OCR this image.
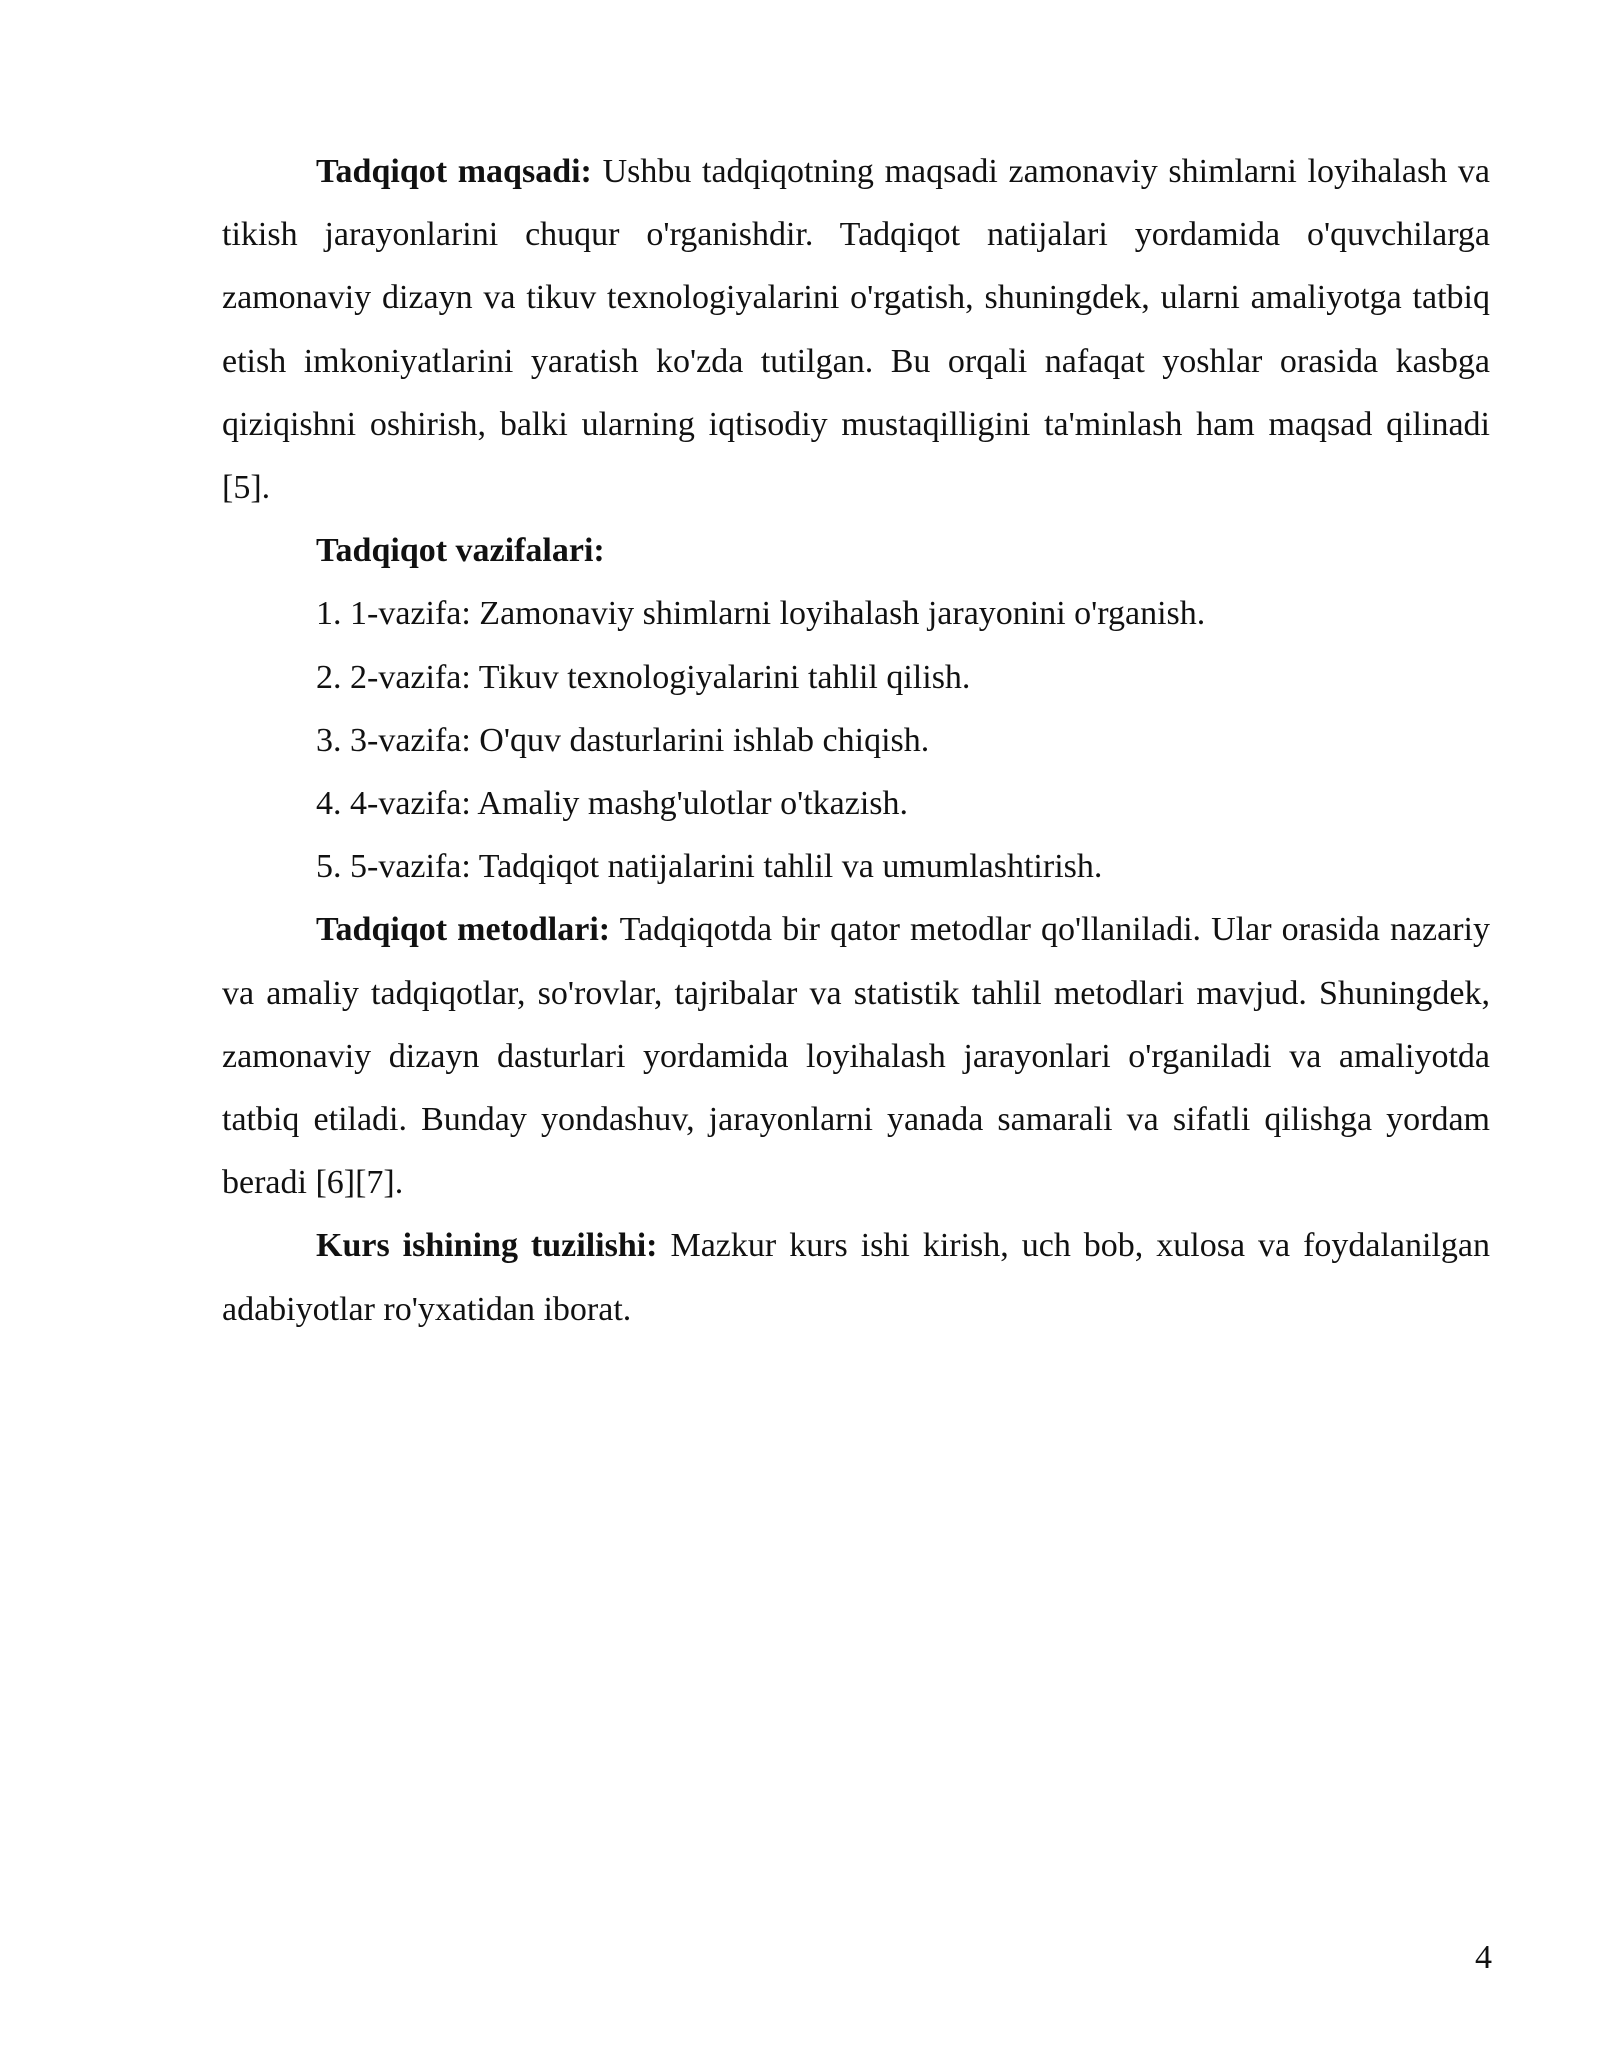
Tadqiqot maqsadi: Ushbu tadqiqotning maqsadi zamonaviy shimlarni loyihalash va tikish jarayonlarini chuqur o'rganishdir. Tadqiqot natijalari yordamida o'quvchilarga zamonaviy dizayn va tikuv texnologiyalarini o'rgatish, shuningdek, ularni amaliyotga tatbiq etish imkoniyatlarini yaratish ko'zda tutilgan. Bu orqali nafaqat yoshlar orasida kasbga qiziqishni oshirish, balki ularning iqtisodiy mustaqilligini ta'minlash ham maqsad qilinadi [5].

Tadqiqot vazifalari:

1. 1-vazifa: Zamonaviy shimlarni loyihalash jarayonini o'rganish.

2. 2-vazifa: Tikuv texnologiyalarini tahlil qilish.

3. 3-vazifa: O'quv dasturlarini ishlab chiqish.

4. 4-vazifa: Amaliy mashg'ulotlar o'tkazish.

5. 5-vazifa: Tadqiqot natijalarini tahlil va umumlashtirish.

Tadqiqot metodlari: Tadqiqotda bir qator metodlar qo'llaniladi. Ular orasida nazariy va amaliy tadqiqotlar, so'rovlar, tajribalar va statistik tahlil metodlari mavjud. Shuningdek, zamonaviy dizayn dasturlari yordamida loyihalash jarayonlari o'rganiladi va amaliyotda tatbiq etiladi. Bunday yondashuv, jarayonlarni yanada samarali va sifatli qilishga yordam beradi [6][7].

Kurs ishining tuzilishi: Mazkur kurs ishi kirish, uch bob, xulosa va foydalanilgan adabiyotlar ro'yxatidan iborat.

4
